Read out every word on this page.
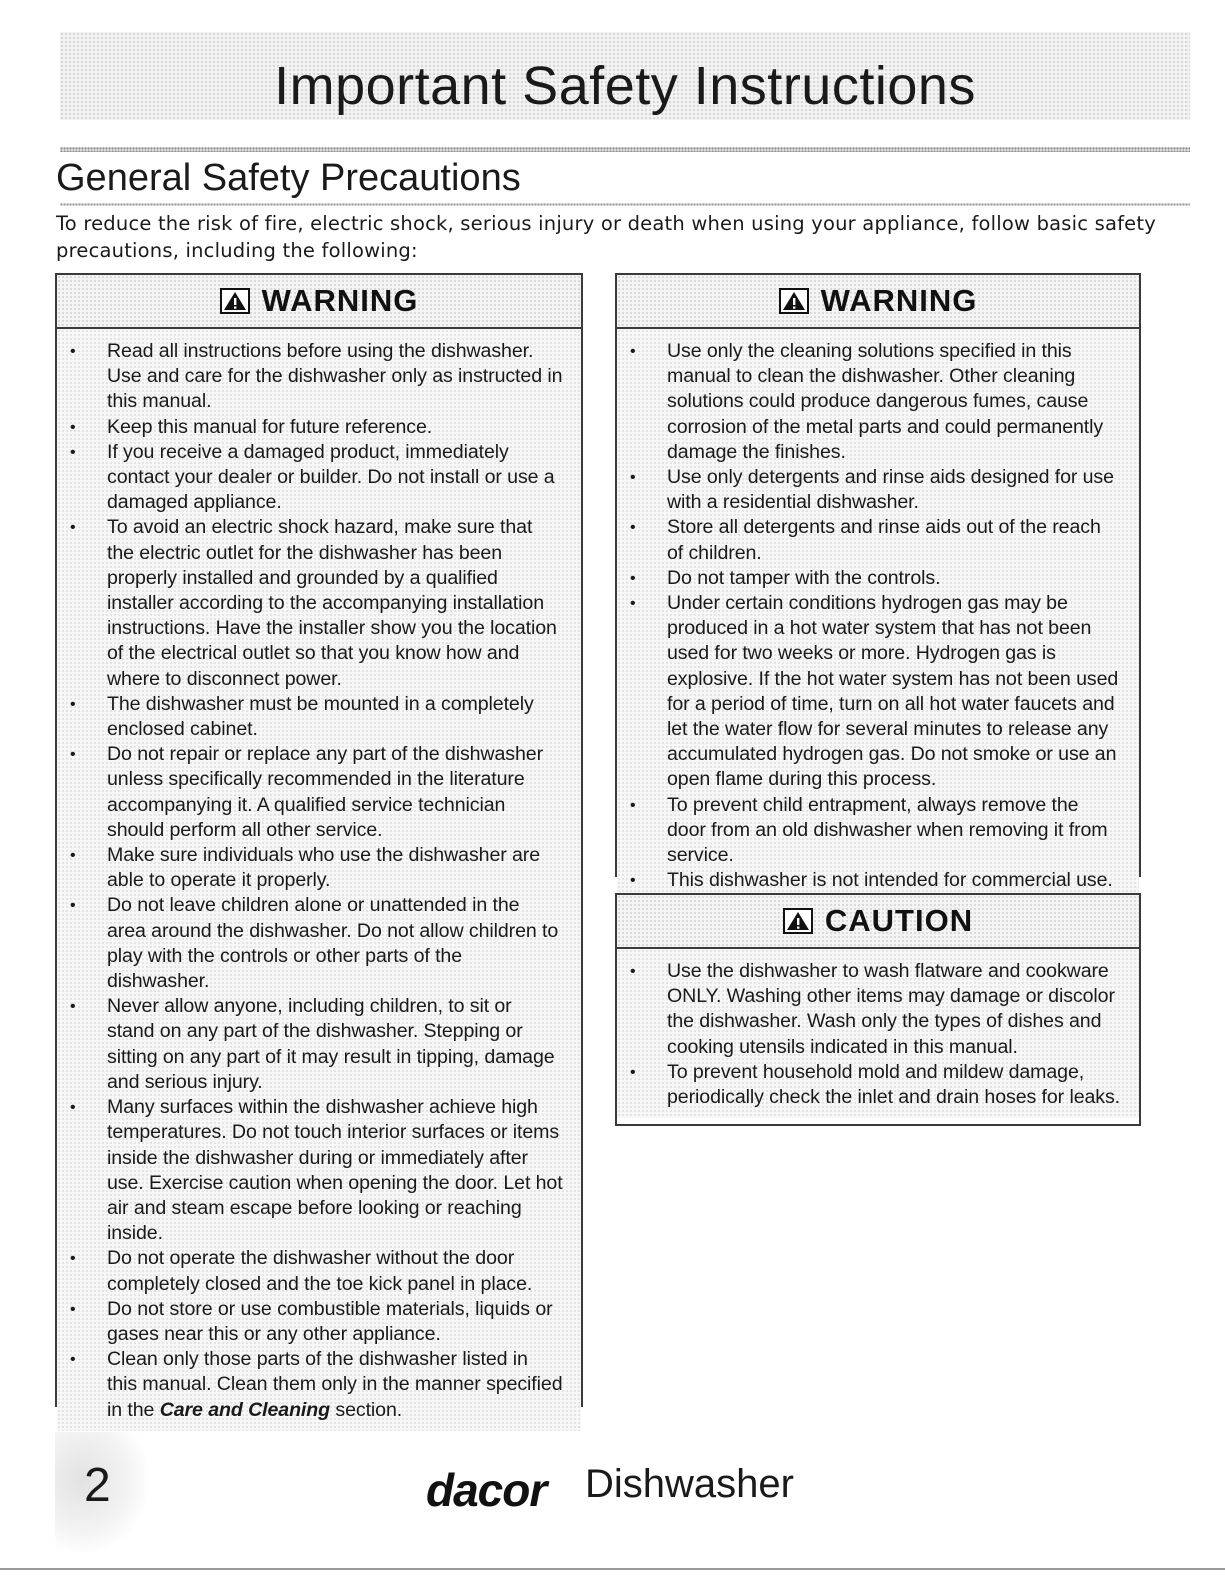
Important Safety Instructions
General Safety Precautions

To reduce the risk of fire, electric shock, serious injury or death when using your appliance, follow basic safety precautions, including the following:

WARNING
• Read all instructions before using the dishwasher. Use and care for the dishwasher only as instructed in this manual.
• Keep this manual for future reference.
• If you receive a damaged product, immediately contact your dealer or builder. Do not install or use a damaged appliance.
• To avoid an electric shock hazard, make sure that the electric outlet for the dishwasher has been properly installed and grounded by a qualified installer according to the accompanying installation instructions. Have the installer show you the location of the electrical outlet so that you know how and where to disconnect power.
• The dishwasher must be mounted in a completely enclosed cabinet.
• Do not repair or replace any part of the dishwasher unless specifically recommended in the literature accompanying it. A qualified service technician should perform all other service.
• Make sure individuals who use the dishwasher are able to operate it properly.
• Do not leave children alone or unattended in the area around the dishwasher. Do not allow children to play with the controls or other parts of the dishwasher.
• Never allow anyone, including children, to sit or stand on any part of the dishwasher. Stepping or sitting on any part of it may result in tipping, damage and serious injury.
• Many surfaces within the dishwasher achieve high temperatures. Do not touch interior surfaces or items inside the dishwasher during or immediately after use. Exercise caution when opening the door. Let hot air and steam escape before looking or reaching inside.
• Do not operate the dishwasher without the door completely closed and the toe kick panel in place.
• Do not store or use combustible materials, liquids or gases near this or any other appliance.
• Clean only those parts of the dishwasher listed in this manual. Clean them only in the manner specified in the Care and Cleaning section.
WARNING
• Use only the cleaning solutions specified in this manual to clean the dishwasher. Other cleaning solutions could produce dangerous fumes, cause corrosion of the metal parts and could permanently damage the finishes.
• Use only detergents and rinse aids designed for use with a residential dishwasher.
• Store all detergents and rinse aids out of the reach of children.
• Do not tamper with the controls.
• Under certain conditions hydrogen gas may be produced in a hot water system that has not been used for two weeks or more. Hydrogen gas is explosive. If the hot water system has not been used for a period of time, turn on all hot water faucets and let the water flow for several minutes to release any accumulated hydrogen gas. Do not smoke or use an open flame during this process.
• To prevent child entrapment, always remove the door from an old dishwasher when removing it from service.
• This dishwasher is not intended for commercial use.
CAUTION
• Use the dishwasher to wash flatware and cookware ONLY. Washing other items may damage or discolor the dishwasher. Wash only the types of dishes and cooking utensils indicated in this manual.
• To prevent household mold and mildew damage, periodically check the inlet and drain hoses for leaks.

2	dacor Dishwasher
